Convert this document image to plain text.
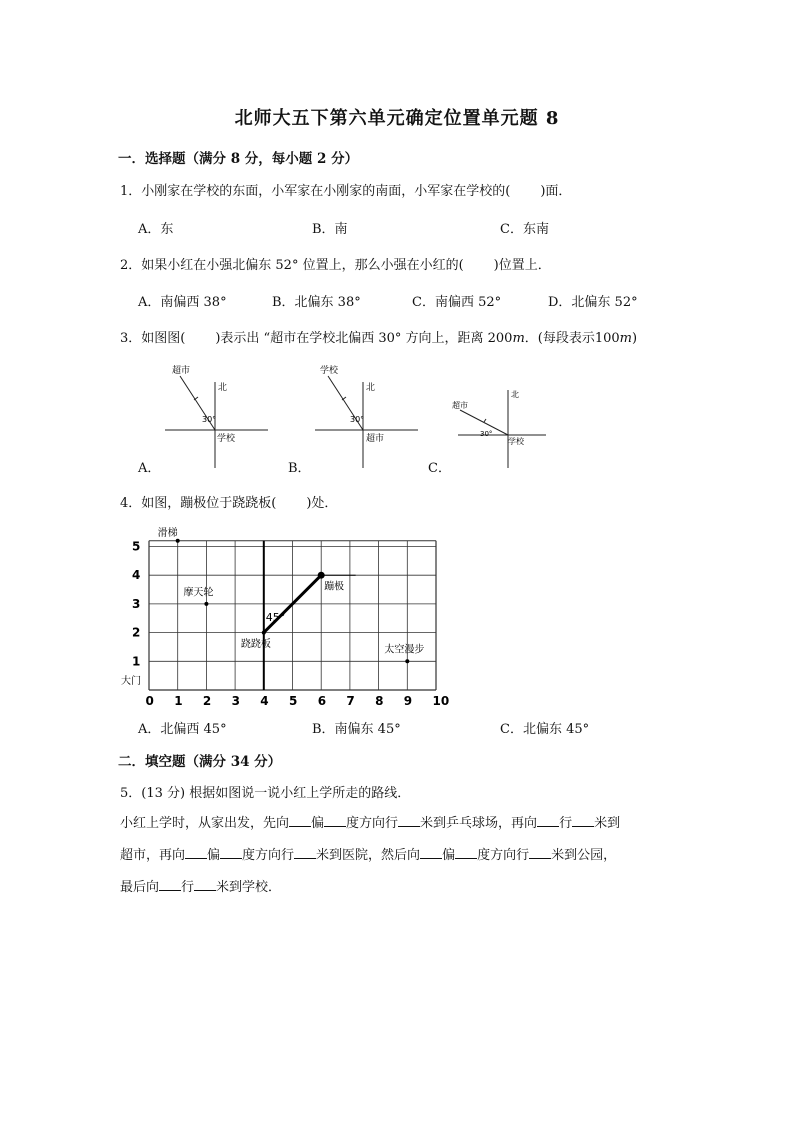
北师大五下第六单元确定位置单元题 8
一．选择题（满分 8 分，每小题 2 分）
1．小刚家在学校的东面，小军家在小刚家的南面，小军家在学校的( )面．
A．东	B．南	C．东南
2．如果小红在小强北偏东 52° 位置上，那么小强在小红的( )位置上．
A．南偏西 38°	B．北偏东 38°	C．南偏西 52°	D．北偏东 52°
3．如图图( )表示出 “超市在学校北偏西 30° 方向上，距离 200m．(每段表示100m)
超市
北
30°
学校
A．
学校
北
30°
超市
B．
超市
北
30°
学校
C．
4．如图，蹦极位于跷跷板( )处．
0 1 2 3 4 5 6 7 8 9 10
1
2
3
4
5
滑梯
摩天轮
蹦极
跷跷板
太空漫步
大门
45°
A．北偏西 45°	B．南偏东 45°	C．北偏东 45°
二．填空题（满分 34 分）
5．(13 分) 根据如图说一说小红上学所走的路线．
小红上学时，从家出发，先向 偏 度方向行 米到乒乓球场，再向 行 米到
超市，再向 偏 度方向行 米到医院，然后向 偏 度方向行 米到公园，
最后向 行 米到学校．
